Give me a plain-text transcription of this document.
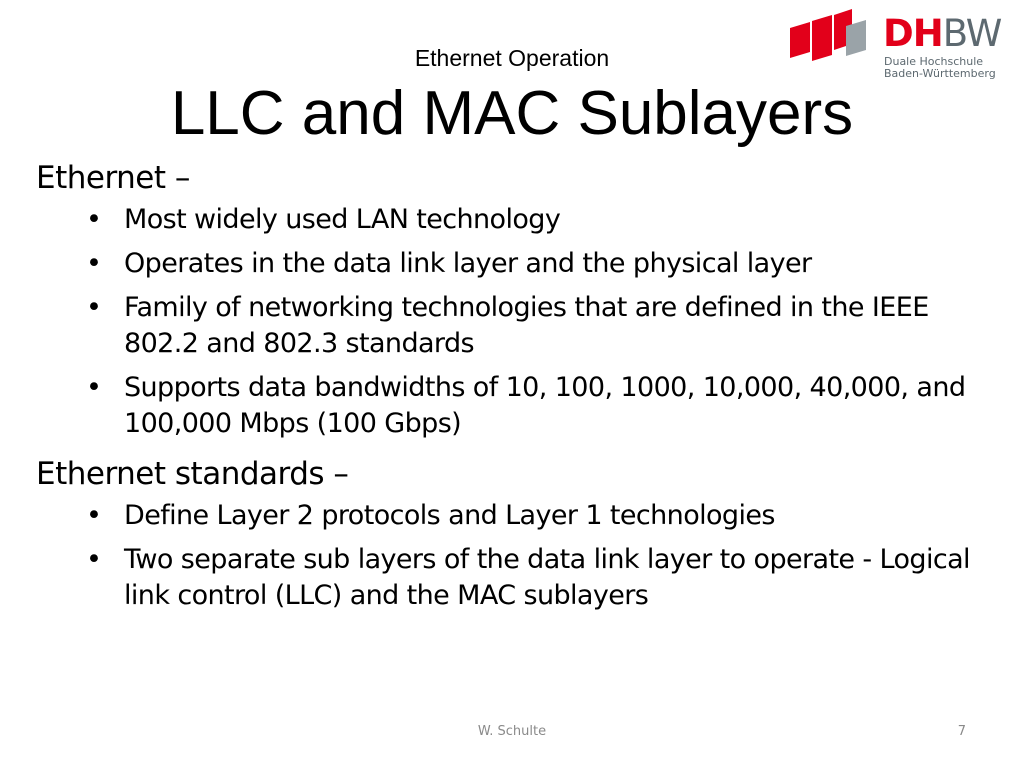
DHBW
Duale Hochschule
Baden-Württemberg
Ethernet Operation
LLC and MAC Sublayers
Ethernet –
• Most widely used LAN technology
• Operates in the data link layer and the physical layer
• Family of networking technologies that are defined in the IEEE 802.2 and 802.3 standards
• Supports data bandwidths of 10, 100, 1000, 10,000, 40,000, and 100,000 Mbps (100 Gbps)
Ethernet standards –
• Define Layer 2 protocols and Layer 1 technologies
• Two separate sub layers of the data link layer to operate - Logical link control (LLC) and the MAC sublayers
W. Schulte	7
